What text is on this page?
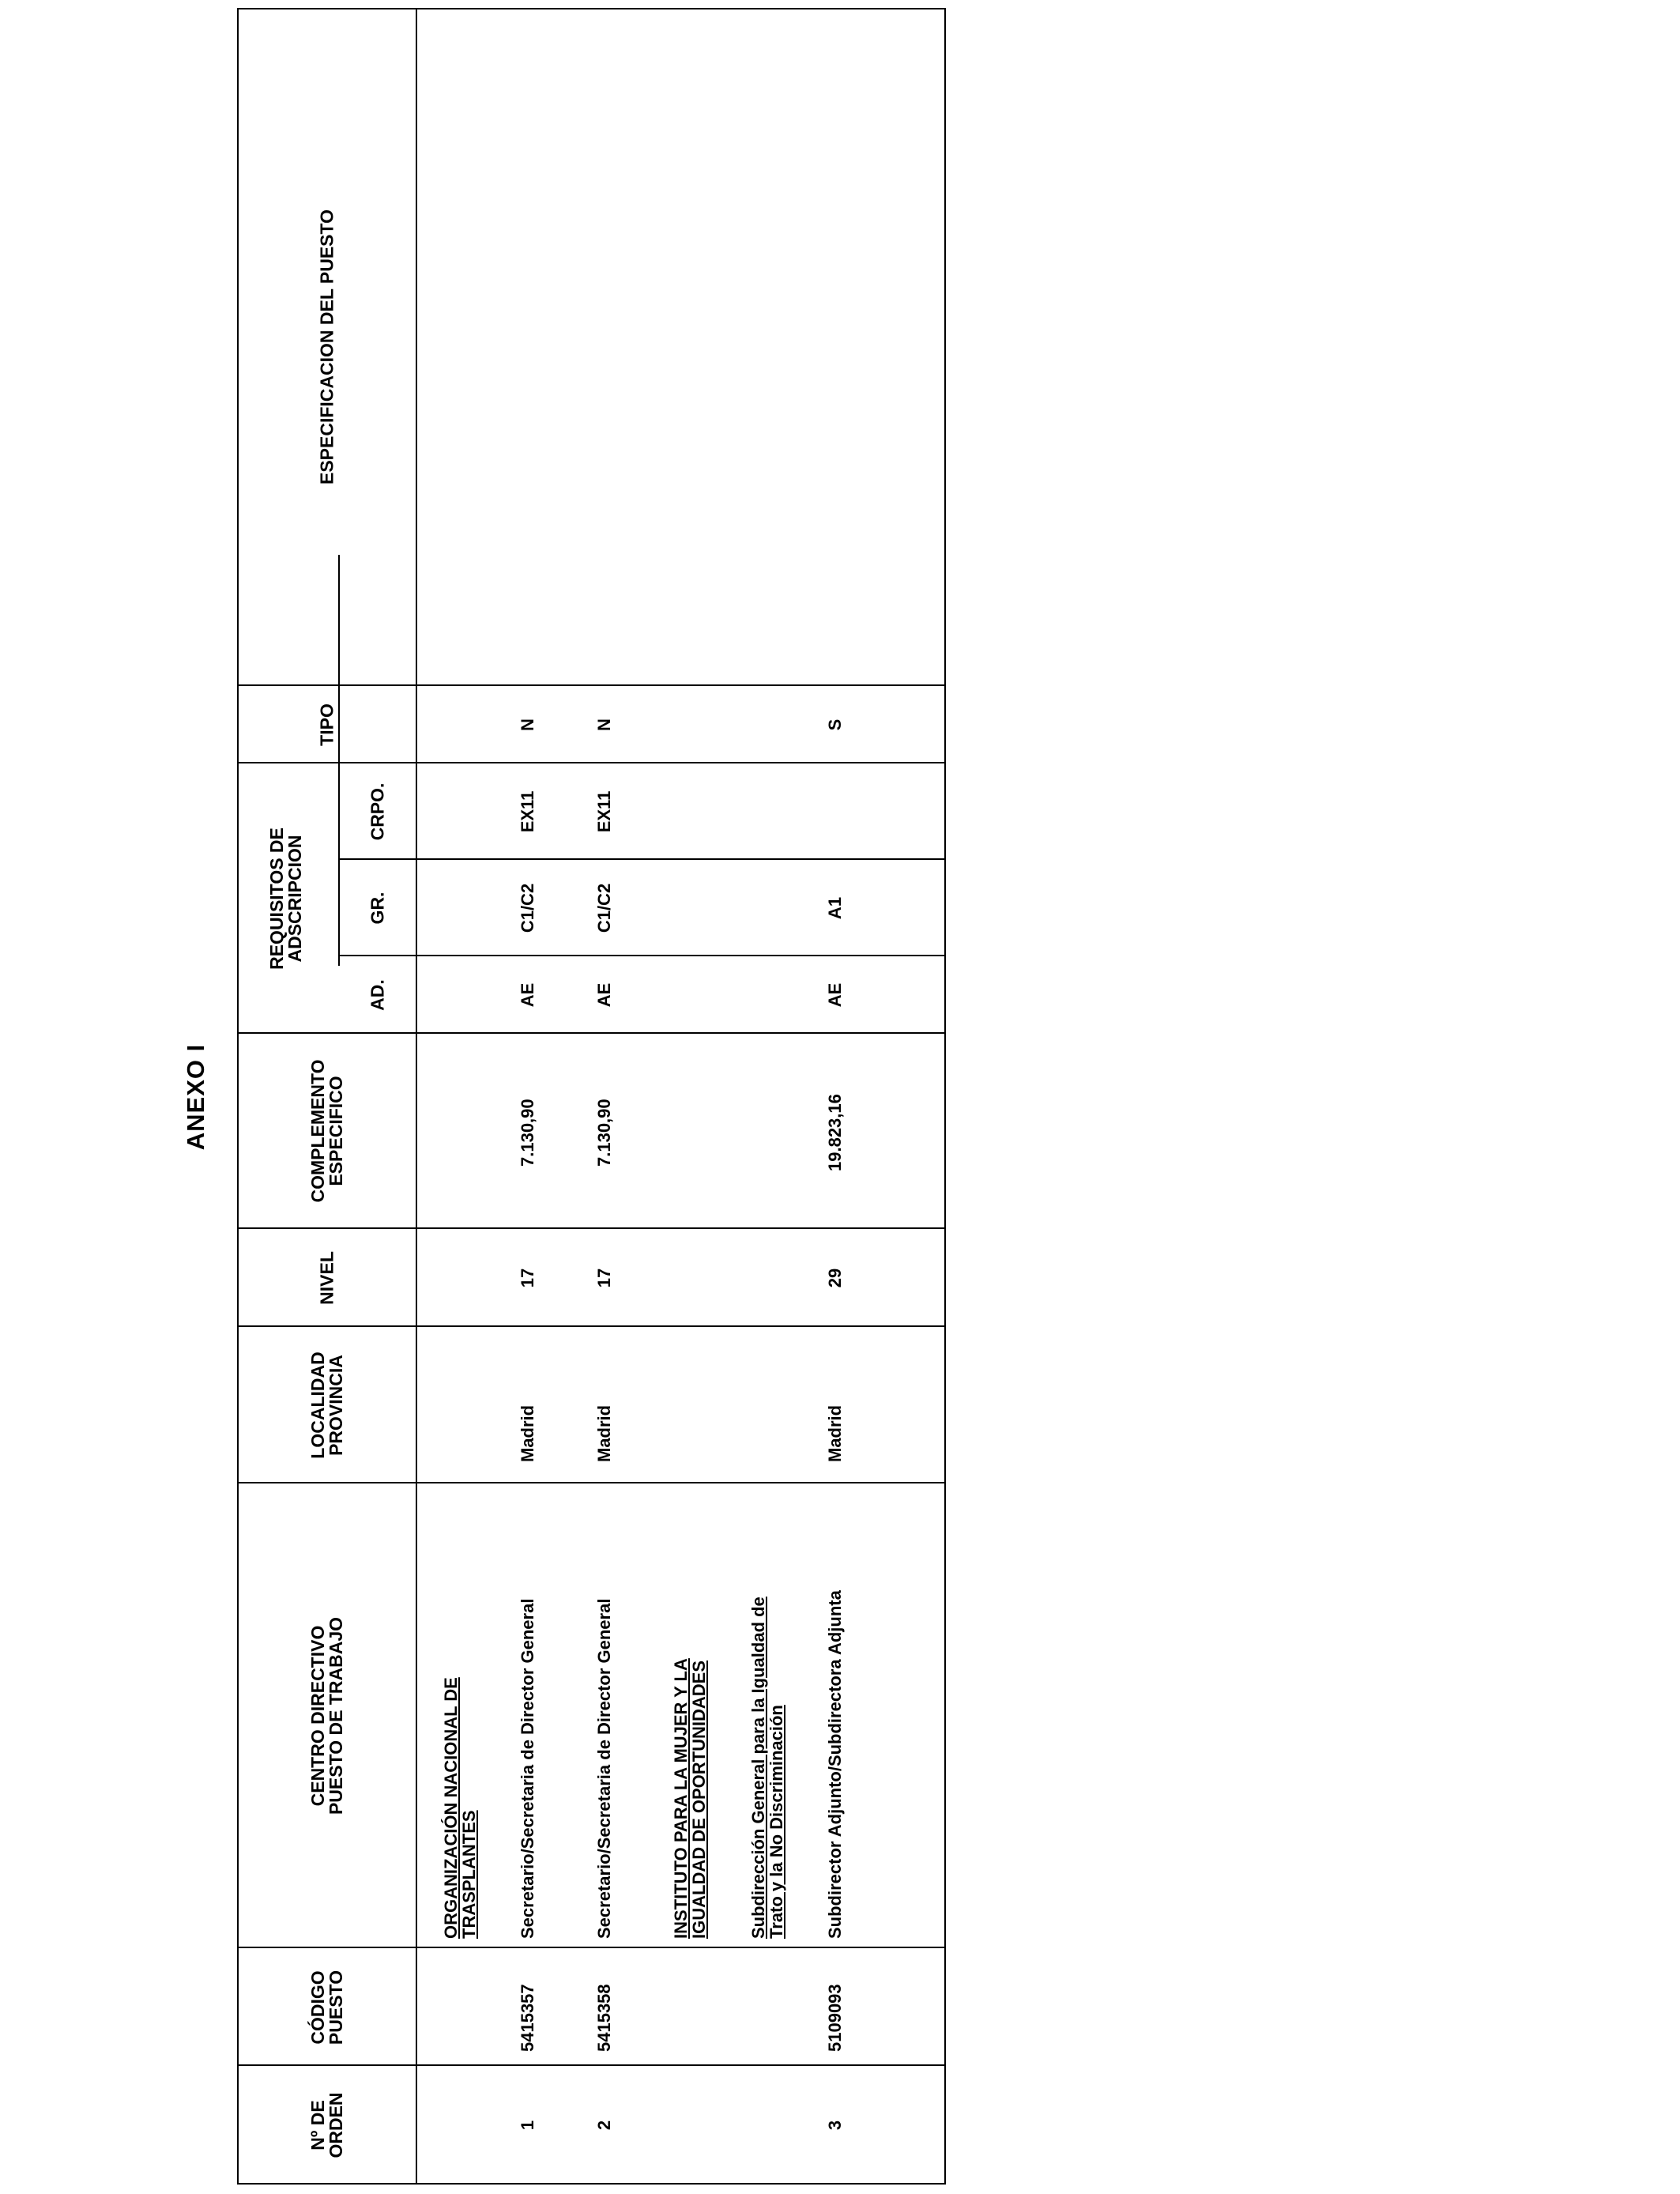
ANEXO I
Nº DE
ORDEN
CÓDIGO
PUESTO
CENTRO DIRECTIVO
PUESTO DE TRABAJO
LOCALIDAD
PROVINCIA
NIVEL
COMPLEMENTO
ESPECIFICO
REQUISITOS DE
ADSCRIPCION
AD.
GR.
CRPO.
TIPO
ESPECIFICACION DEL PUESTO
ORGANIZACIÓN NACIONAL DE
TRASPLANTES
1
5415357
Secretario/Secretaria de Director General
Madrid
17
7.130,90
AE
C1/C2
EX11
N
2
5415358
Secretario/Secretaria de Director General
Madrid
17
7.130,90
AE
C1/C2
EX11
N
INSTITUTO PARA LA MUJER Y LA
IGUALDAD DE OPORTUNIDADES Subdirección General para la Igualdad de
Trato y la No Discriminación
3
5109093
Subdirector Adjunto/Subdirectora Adjunta
Madrid
29
19.823,16
AE
A1
S
